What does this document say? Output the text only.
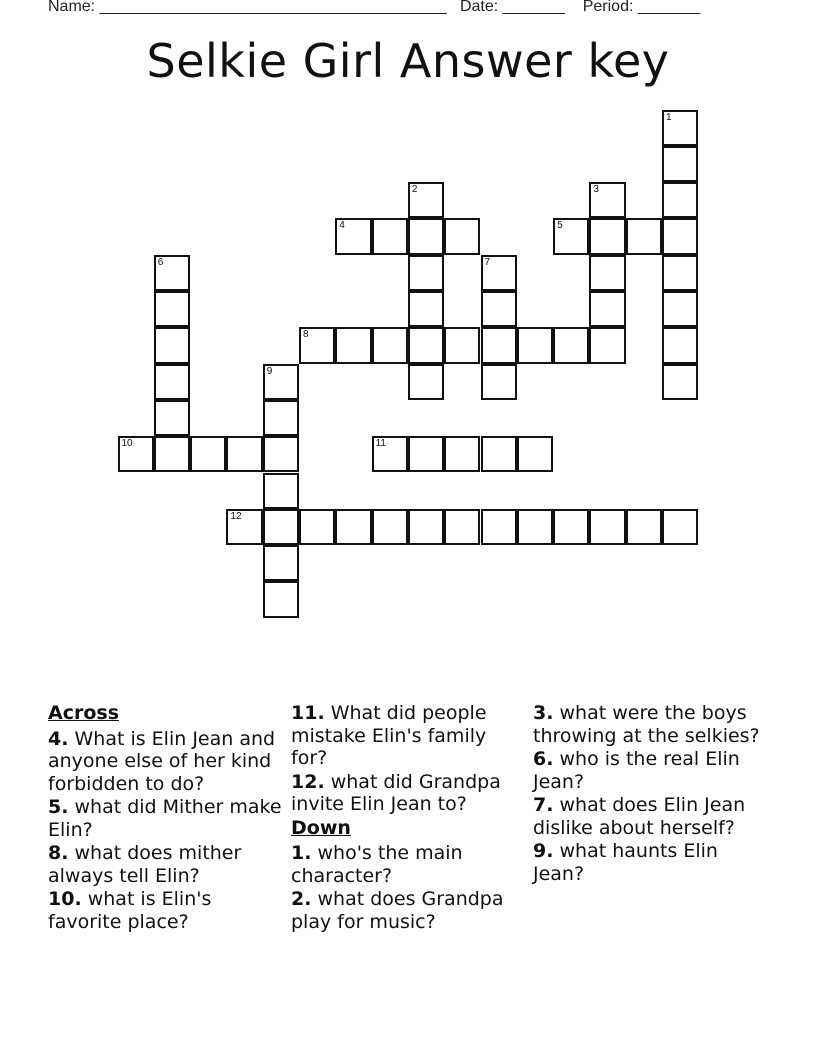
Name: _______________________________________ Date: _______ Period: _______
Selkie Girl Answer key
1
2	3
4	5
6	7
8
9
10	11
12
Across
4. What is Elin Jean and anyone else of her kind forbidden to do?
5. what did Mither make Elin?
8. what does mither always tell Elin?
10. what is Elin's favorite place?
11. What did people mistake Elin's family for?
12. what did Grandpa invite Elin Jean to?
Down
1. who's the main character?
2. what does Grandpa play for music?
3. what were the boys throwing at the selkies?
6. who is the real Elin Jean?
7. what does Elin Jean dislike about herself?
9. what haunts Elin Jean?
